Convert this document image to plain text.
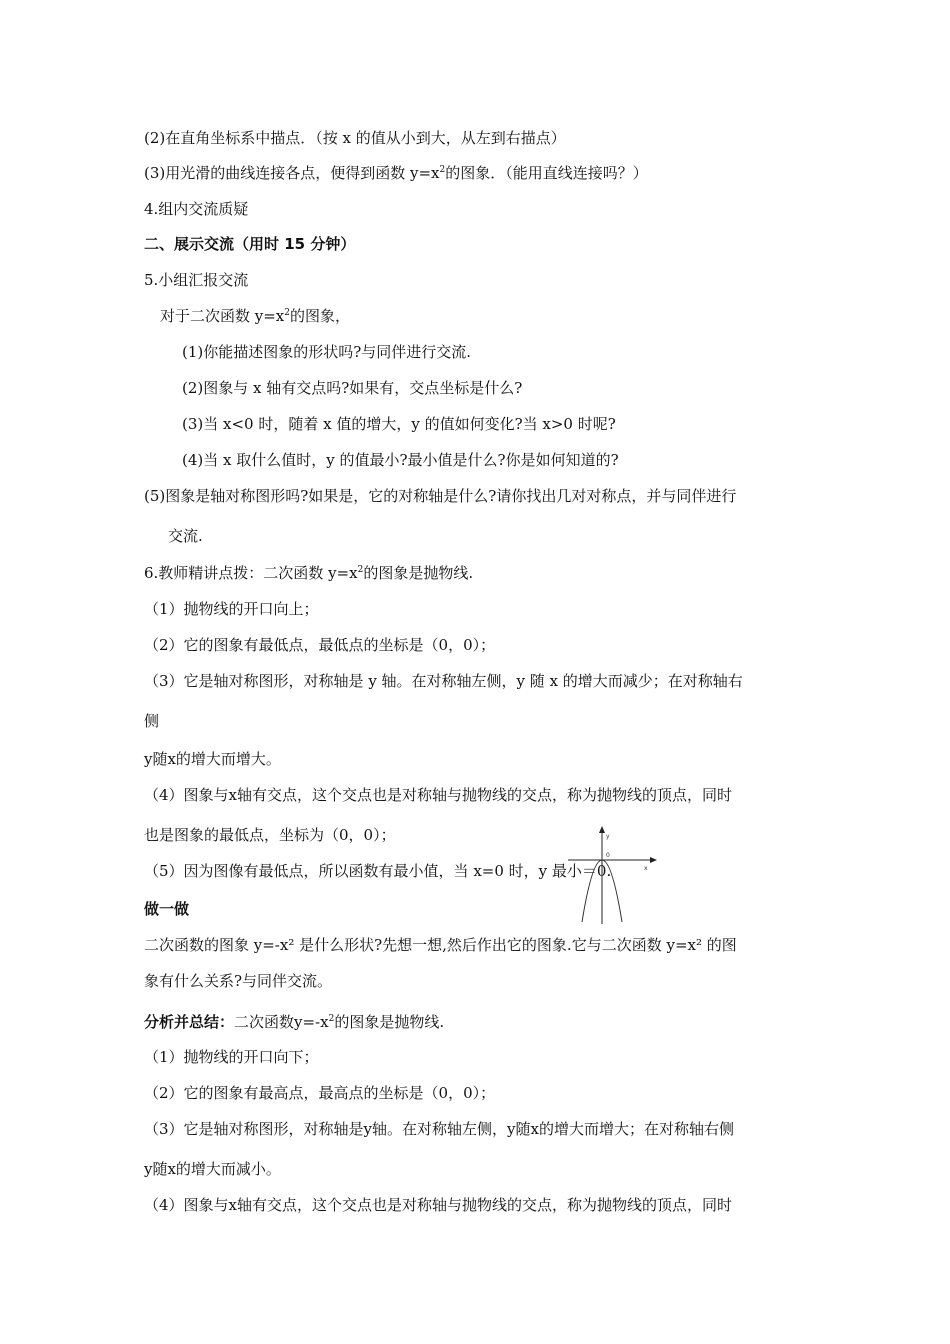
(2)在直角坐标系中描点．（按 x 的值从小到大，从左到右描点）
(3)用光滑的曲线连接各点，便得到函数 $y=x^2$的图象．（能用直线连接吗？）
4.组内交流质疑
二、展示交流（用时 15 分钟）
5.小组汇报交流
对于二次函数 $y=x^2$的图象，
(1)你能描述图象的形状吗?与同伴进行交流.
(2)图象与 x 轴有交点吗?如果有，交点坐标是什么?
(3)当 x<0 时，随着 x 值的增大，y 的值如何变化?当 x>0 时呢?
(4)当 x 取什么值时，y 的值最小?最小值是什么?你是如何知道的?
(5)图象是轴对称图形吗?如果是，它的对称轴是什么?请你找出几对对称点，并与同伴进行
交流.
6.教师精讲点拨：二次函数 $y=x^2$的图象是抛物线.
（1）抛物线的开口向上；
（2）它的图象有最低点，最低点的坐标是（0，0）；
（3）它是轴对称图形，对称轴是 y 轴。在对称轴左侧，y 随 x 的增大而减少；在对称轴右
侧
y随x的增大而增大。
（4）图象与x轴有交点，这个交点也是对称轴与抛物线的交点，称为抛物线的顶点，同时
也是图象的最低点，坐标为（0，0）；
（5）因为图像有最低点，所以函数有最小值，当 x=0 时，y 最小＝0.
做一做
二次函数的图象 y=-x² 是什么形状?先想一想,然后作出它的图象.它与二次函数 y=x² 的图
象有什么关系?与同伴交流。
分析并总结：二次函数$y=-x^2$的图象是抛物线.
（1）抛物线的开口向下；
（2）它的图象有最高点，最高点的坐标是（0，0）；
（3）它是轴对称图形，对称轴是y轴。在对称轴左侧，y随x的增大而增大；在对称轴右侧
y随x的增大而减小。
（4）图象与x轴有交点，这个交点也是对称轴与抛物线的交点，称为抛物线的顶点，同时
y
x
0
